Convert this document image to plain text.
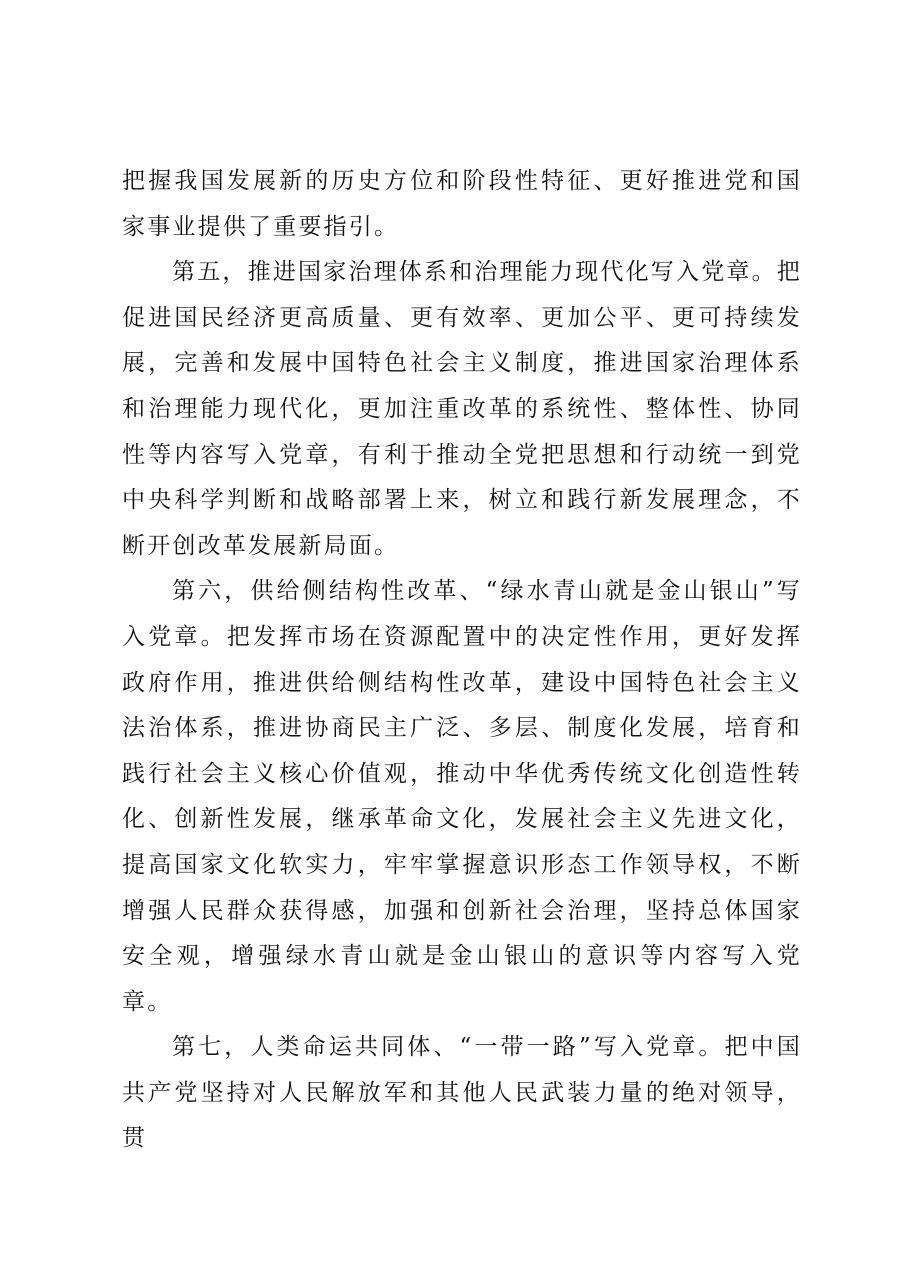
把握我国发展新的历史方位和阶段性特征、更好推进党和国家事业提供了重要指引。

第五，推进国家治理体系和治理能力现代化写入党章。把促进国民经济更高质量、更有效率、更加公平、更可持续发展，完善和发展中国特色社会主义制度，推进国家治理体系和治理能力现代化，更加注重改革的系统性、整体性、协同性等内容写入党章，有利于推动全党把思想和行动统一到党中央科学判断和战略部署上来，树立和践行新发展理念，不断开创改革发展新局面。

第六，供给侧结构性改革、“绿水青山就是金山银山”写入党章。把发挥市场在资源配置中的决定性作用，更好发挥政府作用，推进供给侧结构性改革，建设中国特色社会主义法治体系，推进协商民主广泛、多层、制度化发展，培育和践行社会主义核心价值观，推动中华优秀传统文化创造性转化、创新性发展，继承革命文化，发展社会主义先进文化，提高国家文化软实力，牢牢掌握意识形态工作领导权，不断增强人民群众获得感，加强和创新社会治理，坚持总体国家安全观，增强绿水青山就是金山银山的意识等内容写入党章。

第七，人类命运共同体、“一带一路”写入党章。把中国共产党坚持对人民解放军和其他人民武装力量的绝对领导，贯
